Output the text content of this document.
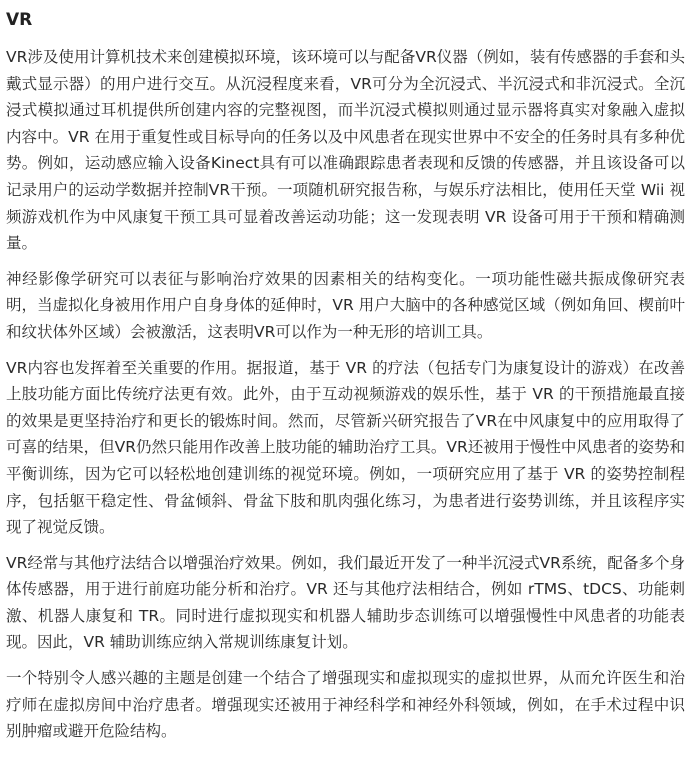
VR

VR涉及使用计算机技术来创建模拟环境，该环境可以与配备VR仪器（例如，装有传感器的手套和头戴式显示器）的用户进行交互。从沉浸程度来看，VR可分为全沉浸式、半沉浸式和非沉浸式。全沉浸式模拟通过耳机提供所创建内容的完整视图，而半沉浸式模拟则通过显示器将真实对象融入虚拟内容中。VR 在用于重复性或目标导向的任务以及中风患者在现实世界中不安全的任务时具有多种优势。例如，运动感应输入设备Kinect具有可以准确跟踪患者表现和反馈的传感器，并且该设备可以记录用户的运动学数据并控制VR干预。一项随机研究报告称，与娱乐疗法相比，使用任天堂 Wii 视频游戏机作为中风康复干预工具可显着改善运动功能；这一发现表明 VR 设备可用于干预和精确测量。

神经影像学研究可以表征与影响治疗效果的因素相关的结构变化。一项功能性磁共振成像研究表明，当虚拟化身被用作用户自身身体的延伸时，VR 用户大脑中的各种感觉区域（例如角回、楔前叶和纹状体外区域）会被激活，这表明VR可以作为一种无形的培训工具。

VR内容也发挥着至关重要的作用。据报道，基于 VR 的疗法（包括专门为康复设计的游戏）在改善上肢功能方面比传统疗法更有效。此外，由于互动视频游戏的娱乐性，基于 VR 的干预措施最直接的效果是更坚持治疗和更长的锻炼时间。然而，尽管新兴研究报告了VR在中风康复中的应用取得了可喜的结果，但VR仍然只能用作改善上肢功能的辅助治疗工具。VR还被用于慢性中风患者的姿势和平衡训练，因为它可以轻松地创建训练的视觉环境。例如，一项研究应用了基于 VR 的姿势控制程序，包括躯干稳定性、骨盆倾斜、骨盆下肢和肌肉强化练习，为患者进行姿势训练，并且该程序实现了视觉反馈。

VR经常与其他疗法结合以增强治疗效果。例如，我们最近开发了一种半沉浸式VR系统，配备多个身体传感器，用于进行前庭功能分析和治疗。VR 还与其他疗法相结合，例如 rTMS、tDCS、功能刺激、机器人康复和 TR。同时进行虚拟现实和机器人辅助步态训练可以增强慢性中风患者的功能表现。因此，VR 辅助训练应纳入常规训练康复计划。

一个特别令人感兴趣的主题是创建一个结合了增强现实和虚拟现实的虚拟世界，从而允许医生和治疗师在虚拟房间中治疗患者。增强现实还被用于神经科学和神经外科领域，例如，在手术过程中识别肿瘤或避开危险结构。
